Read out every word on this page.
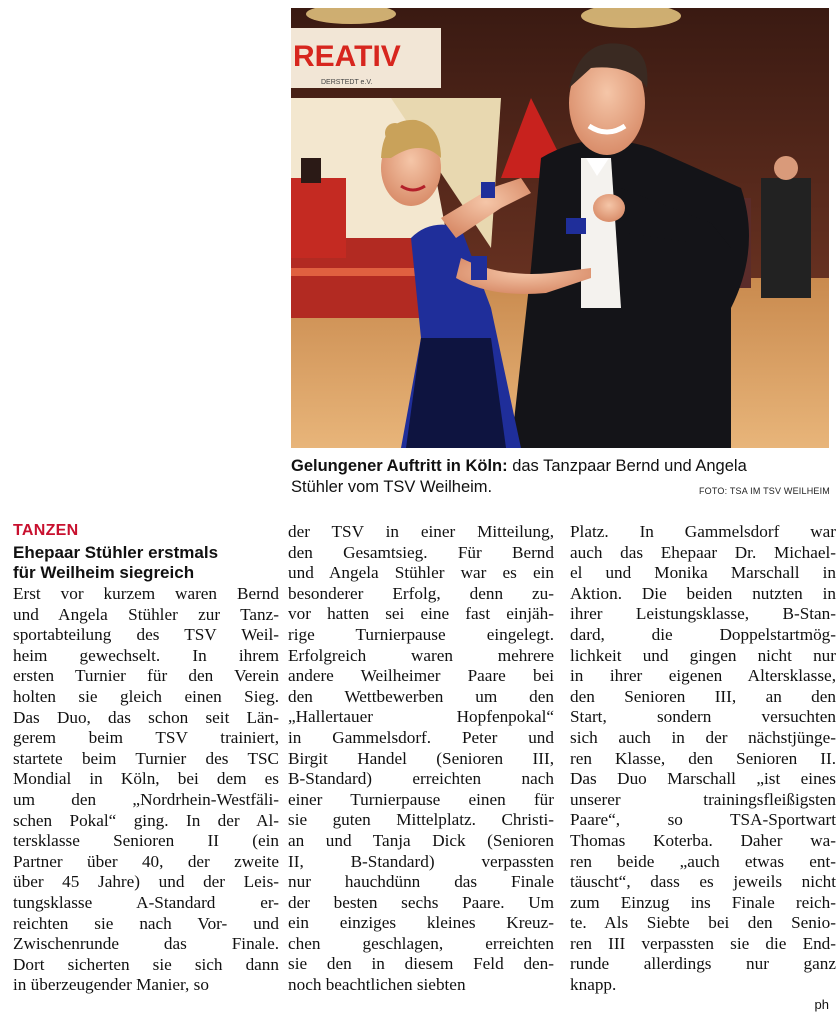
REATIV
DERSTEDT e.V.
Gelungener Auftritt in Köln: das Tanzpaar Bernd und Angela
Stühler vom TSV Weilheim.	FOTO: TSA IM TSV WEILHEIM
TANZEN
Ehepaar Stühler erstmals
für Weilheim siegreich
Erst vor kurzem waren Bernd
und Angela Stühler zur Tanz-
sportabteilung des TSV Weil-
heim gewechselt. In ihrem
ersten Turnier für den Verein
holten sie gleich einen Sieg.
Das Duo, das schon seit Län-
gerem beim TSV trainiert,
startete beim Turnier des TSC
Mondial in Köln, bei dem es
um den „Nordrhein-Westfäli-
schen Pokal“ ging. In der Al-
tersklasse Senioren II (ein
Partner über 40, der zweite
über 45 Jahre) und der Leis-
tungsklasse A-Standard er-
reichten sie nach Vor- und
Zwischenrunde das Finale.
Dort sicherten sie sich dann
in überzeugender Manier, so
der TSV in einer Mitteilung,
den Gesamtsieg. Für Bernd
und Angela Stühler war es ein
besonderer Erfolg, denn zu-
vor hatten sei eine fast einjäh-
rige Turnierpause eingelegt.
Erfolgreich waren mehrere
andere Weilheimer Paare bei
den Wettbewerben um den
„Hallertauer Hopfenpokal“
in Gammelsdorf. Peter und
Birgit Handel (Senioren III,
B-Standard) erreichten nach
einer Turnierpause einen für
sie guten Mittelplatz. Christi-
an und Tanja Dick (Senioren
II, B-Standard) verpassten
nur hauchdünn das Finale
der besten sechs Paare. Um
ein einziges kleines Kreuz-
chen geschlagen, erreichten
sie den in diesem Feld den-
noch beachtlichen siebten
Platz. In Gammelsdorf war
auch das Ehepaar Dr. Michael-
el und Monika Marschall in
Aktion. Die beiden nutzten in
ihrer Leistungsklasse, B-Stan-
dard, die Doppelstartmög-
lichkeit und gingen nicht nur
in ihrer eigenen Altersklasse,
den Senioren III, an den
Start, sondern versuchten
sich auch in der nächstjünge-
ren Klasse, den Senioren II.
Das Duo Marschall „ist eines
unserer trainingsfleißigsten
Paare“, so TSA-Sportwart
Thomas Koterba. Daher wa-
ren beide „auch etwas ent-
täuscht“, dass es jeweils nicht
zum Einzug ins Finale reich-
te. Als Siebte bei den Senio-
ren III verpassten sie die End-
runde allerdings nur ganz
knapp.
ph
